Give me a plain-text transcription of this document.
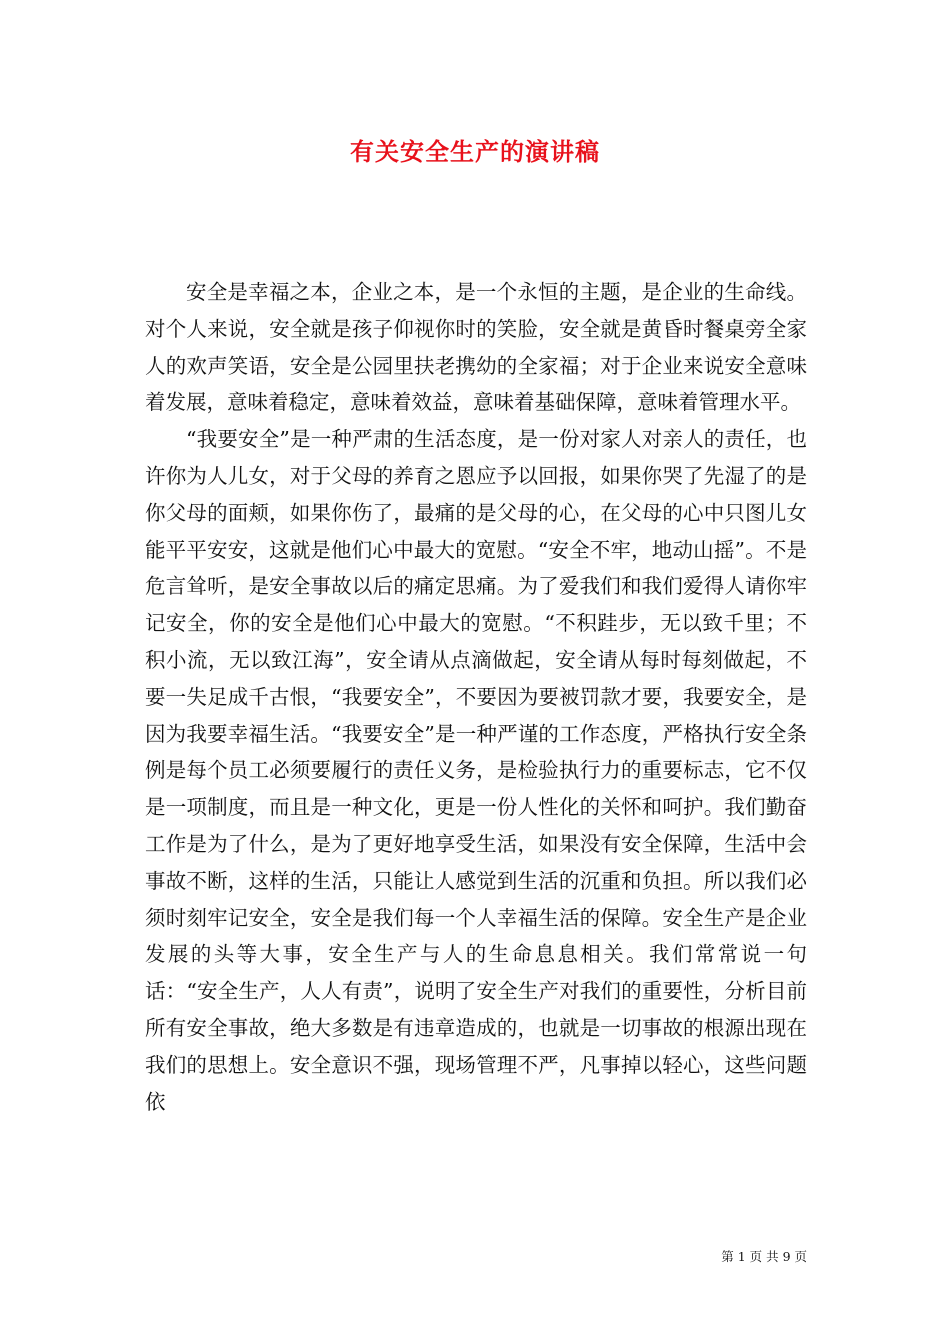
有关安全生产的演讲稿

安全是幸福之本，企业之本，是一个永恒的主题，是企业的生命线。对个人来说，安全就是孩子仰视你时的笑脸，安全就是黄昏时餐桌旁全家人的欢声笑语，安全是公园里扶老携幼的全家福；对于企业来说安全意味着发展，意味着稳定，意味着效益，意味着基础保障，意味着管理水平。

“我要安全”是一种严肃的生活态度，是一份对家人对亲人的责任，也许你为人儿女，对于父母的养育之恩应予以回报，如果你哭了先湿了的是你父母的面颊，如果你伤了，最痛的是父母的心，在父母的心中只图儿女能平平安安，这就是他们心中最大的宽慰。“安全不牢，地动山摇”。不是危言耸听，是安全事故以后的痛定思痛。为了爱我们和我们爱得人请你牢记安全，你的安全是他们心中最大的宽慰。“不积跬步，无以致千里；不积小流，无以致江海”，安全请从点滴做起，安全请从每时每刻做起，不要一失足成千古恨，“我要安全”，不要因为要被罚款才要，我要安全，是因为我要幸福生活。“我要安全”是一种严谨的工作态度，严格执行安全条例是每个员工必须要履行的责任义务，是检验执行力的重要标志，它不仅是一项制度，而且是一种文化，更是一份人性化的关怀和呵护。我们勤奋工作是为了什么，是为了更好地享受生活，如果没有安全保障，生活中会事故不断，这样的生活，只能让人感觉到生活的沉重和负担。所以我们必须时刻牢记安全，安全是我们每一个人幸福生活的保障。安全生产是企业发展的头等大事，安全生产与人的生命息息相关。我们常常说一句话：“安全生产，人人有责”，说明了安全生产对我们的重要性，分析目前所有安全事故，绝大多数是有违章造成的，也就是一切事故的根源出现在我们的思想上。安全意识不强，现场管理不严，凡事掉以轻心，这些问题依

第 1 页 共 9 页
